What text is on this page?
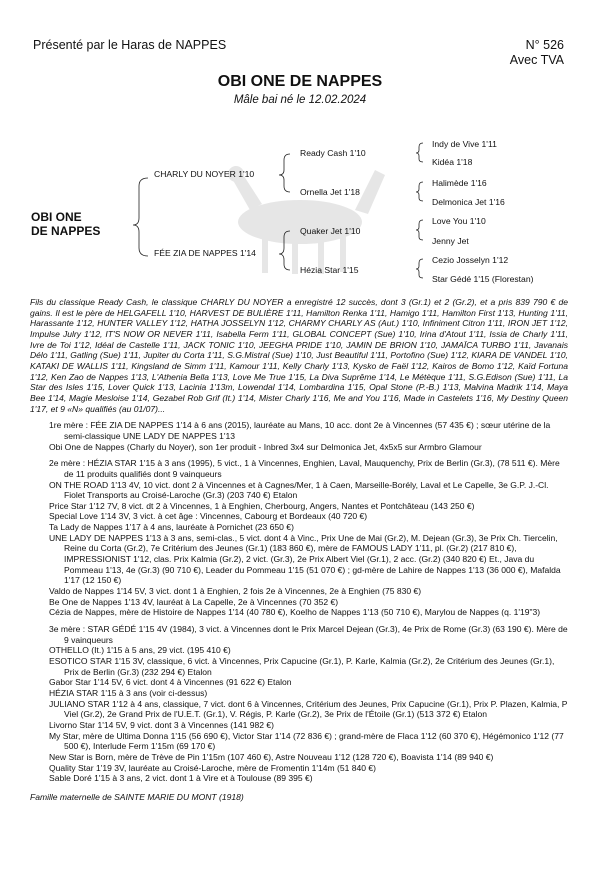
Présenté par le Haras de NAPPES	N° 526
Avec TVA
OBI ONE DE NAPPES
Mâle bai né le 12.02.2024
OBI ONE
DE NAPPES
CHARLY DU NOYER 1'10
FÉE ZIA DE NAPPES 1'14
Ready Cash 1'10
Ornella Jet 1'18
Quaker Jet 1'10
Hézia Star 1'15
Indy de Vive 1'11
Kidéa 1'18
Halimède 1'16
Delmonica Jet 1'16
Love You 1'10
Jenny Jet
Cezio Josselyn 1'12
Star Gédé 1'15 (Florestan)

Fils du classique Ready Cash, le classique CHARLY DU NOYER a enregistré 12 succès, dont 3 (Gr.1) et 2 (Gr.2), et a pris 839 790 € de gains. Il est le père de HELGAFELL 1'10, HARVEST DE BULIÈRE 1'11, Hamilton Renka 1'11, Hamigo 1'11, Hamilton First 1'13, Hunting 1'11, Harassante 1'12, HUNTER VALLEY 1'12, HATHA JOSSELYN 1'12, CHARMY CHARLY AS (Aut.) 1'10, Infiniment Citron 1'11, IRON JET 1'12, Impulse Julry 1'12, IT'S NOW OR NEVER 1'11, Isabella Ferm 1'11, GLOBAL CONCEPT (Sue) 1'10, Irina d'Atout 1'11, Issia de Charly 1'11, Ivre de Toi 1'12, Idéal de Castelle 1'11, JACK TONIC 1'10, JEEGHA PRIDE 1'10, JAMIN DE BRION 1'10, JAMAÏCA TURBO 1'11, Javanais Délo 1'11, Gatling (Sue) 1'11, Jupiter du Corta 1'11, S.G.Mistral (Sue) 1'10, Just Beautiful 1'11, Portofino (Sue) 1'12, KIARA DE VANDEL 1'10, KATAKI DE WALLIS 1'11, Kingsland de Simm 1'11, Kamour 1'11, Kelly Charly 1'13, Kysko de Faël 1'12, Kairos de Bomo 1'12, Kaïd Fortuna 1'12, Ken Zao de Nappes 1'13, L'Athenia Bella 1'13, Love Me True 1'15, La Diva Suprême 1'14, Le Métèque 1'11, S.G.Edison (Sue) 1'11, La Star des Isles 1'15, Lover Quick 1'13, Lacinia 1'13m, Lowendal 1'14, Lombardina 1'15, Opal Stone (P.-B.) 1'13, Malvina Madrik 1'14, Maya Bee 1'14, Magie Mesloise 1'14, Gezabel Rob Grif (It.) 1'14, Mister Charly 1'16, Me and You 1'16, Made in Castelets 1'16, My Destiny Queen 1'17, et 9 «N» qualifiés (au 01/07)...

1re mère : FÉE ZIA DE NAPPES 1'14 à 6 ans (2015), lauréate au Mans, 10 acc. dont 2e à Vincennes (57 435 €) ; sœur utérine de la semi-classique UNE LADY DE NAPPES 1'13
Obi One de Nappes (Charly du Noyer), son 1er produit - Inbred 3x4 sur Delmonica Jet, 4x5x5 sur Armbro Glamour

2e mère : HÉZIA STAR 1'15 à 3 ans (1995), 5 vict., 1 à Vincennes, Enghien, Laval, Mauquenchy, Prix de Berlin (Gr.3), (78 511 €). Mère de 11 produits qualifiés dont 9 vainqueurs
ON THE ROAD 1'13 4V, 10 vict. dont 2 à Vincennes et à Cagnes/Mer, 1 à Caen, Marseille-Borély, Laval et Le Capelle, 3e G.P. J.-Cl. Fiolet Transports au Croisé-Laroche (Gr.3) (203 740 €) Etalon
Price Star 1'12 7V, 8 vict. dt 2 à Vincennes, 1 à Enghien, Cherbourg, Angers, Nantes et Pontchâteau (143 250 €)
Special Love 1'14 3V, 3 vict. à cet âge : Vincennes, Cabourg et Bordeaux (40 720 €)
Ta Lady de Nappes 1'17 à 4 ans, lauréate à Pornichet (23 650 €)
UNE LADY DE NAPPES 1'13 à 3 ans, semi-clas., 5 vict. dont 4 à Vinc., Prix Une de Mai (Gr.2), M. Dejean (Gr.3), 3e Prix Ch. Tiercelin, Reine du Corta (Gr.2), 7e Critérium des Jeunes (Gr.1) (183 860 €), mère de FAMOUS LADY 1'11, pl. (Gr.2) (217 810 €), IMPRESSIONIST 1'12, clas. Prix Kalmia (Gr.2), 2 vict. (Gr.3), 2e Prix Albert Viel (Gr.1), 2 acc. (Gr.2) (340 820 €) Et., Java du Pommeau 1'13, 4e (Gr.3) (90 710 €), Leader du Pommeau 1'15 (51 070 €) ; gd-mère de Lahire de Nappes 1'13 (36 000 €), Mafalda 1'17 (12 150 €)
Valdo de Nappes 1'14 5V, 3 vict. dont 1 à Enghien, 2 fois 2e à Vincennes, 2e à Enghien (75 830 €)
Be One de Nappes 1'13 4V, lauréat à La Capelle, 2e à Vincennes (70 352 €)
Cézia de Nappes, mère de Histoire de Nappes 1'14 (40 780 €), Koelho de Nappes 1'13 (50 710 €), Marylou de Nappes (q. 1'19"3)

3e mère : STAR GÉDÉ 1'15 4V (1984), 3 vict. à Vincennes dont le Prix Marcel Dejean (Gr.3), 4e Prix de Rome (Gr.3) (63 190 €). Mère de 9 vainqueurs
OTHELLO (It.) 1'15 à 5 ans, 29 vict. (195 410 €)
ESOTICO STAR 1'15 3V, classique, 6 vict. à Vincennes, Prix Capucine (Gr.1), P. Karle, Kalmia (Gr.2), 2e Critérium des Jeunes (Gr.1), Prix de Berlin (Gr.3) (232 294 €) Etalon
Gabor Star 1'14 5V, 6 vict. dont 4 à Vincennes (91 622 €) Etalon
HÉZIA STAR 1'15 à 3 ans (voir ci-dessus)
JULIANO STAR 1'12 à 4 ans, classique, 7 vict. dont 6 à Vincennes, Critérium des Jeunes, Prix Capucine (Gr.1), Prix P. Plazen, Kalmia, P Viel (Gr.2), 2e Grand Prix de l'U.E.T. (Gr.1), V. Régis, P. Karle (Gr.2), 3e Prix de l'Étoile (Gr.1) (513 372 €) Etalon
Livorno Star 1'14 5V, 9 vict. dont 3 à Vincennes (141 982 €)
My Star, mère de Ultima Donna 1'15 (56 690 €), Victor Star 1'14 (72 836 €) ; grand-mère de Flaca 1'12 (60 370 €), Hégémonico 1'12 (77 500 €), Interlude Ferm 1'15m (69 170 €)
New Star is Born, mère de Trève de Pin 1'15m (107 460 €), Astre Nouveau 1'12 (128 720 €), Boavista 1'14 (89 940 €)
Quality Star 1'19 3V, lauréate au Croisé-Laroche, mère de Fromentin 1'14m (51 840 €)
Sable Doré 1'15 à 3 ans, 2 vict. dont 1 à Vire et à Toulouse (89 395 €)

Famille maternelle de SAINTE MARIE DU MONT (1918)
